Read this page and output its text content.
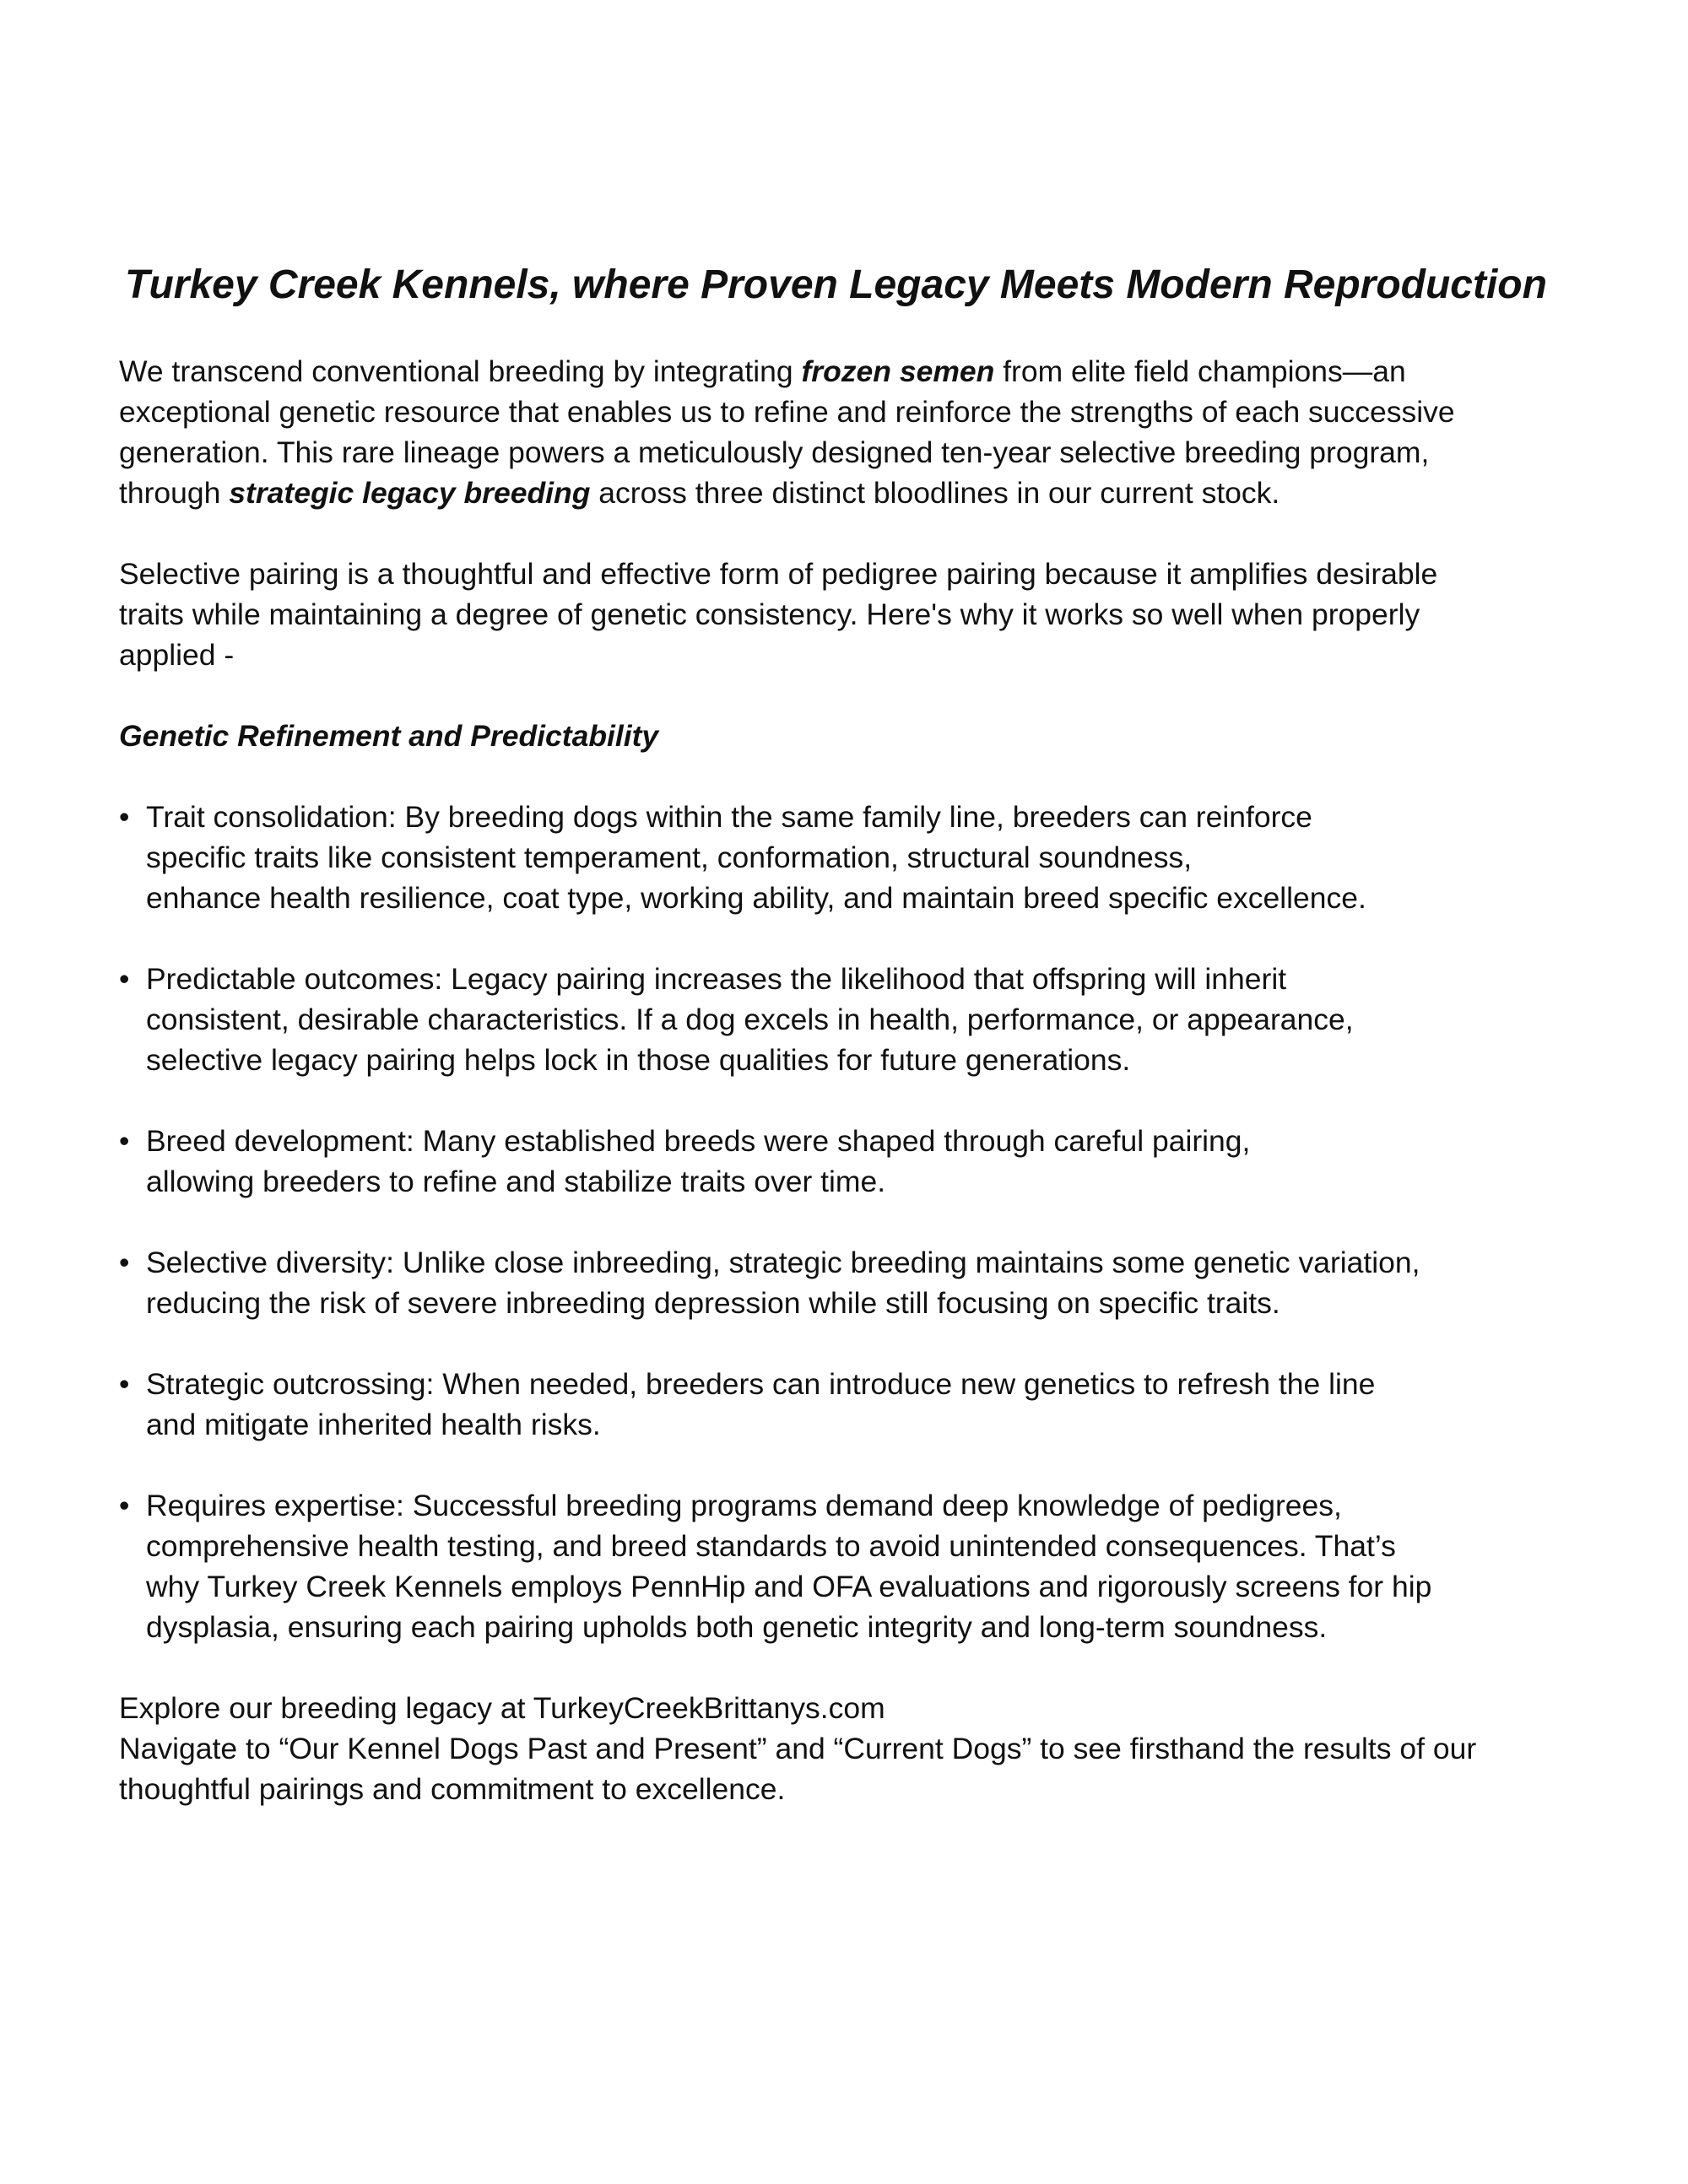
Turkey Creek Kennels, where Proven Legacy Meets Modern Reproduction

We transcend conventional breeding by integrating frozen semen from elite field champions—an
exceptional genetic resource that enables us to refine and reinforce the strengths of each successive
generation. This rare lineage powers a meticulously designed ten-year selective breeding program,
through strategic legacy breeding across three distinct bloodlines in our current stock.

Selective pairing is a thoughtful and effective form of pedigree pairing because it amplifies desirable
traits while maintaining a degree of genetic consistency. Here's why it works so well when properly
applied -

Genetic Refinement and Predictability

• Trait consolidation: By breeding dogs within the same family line, breeders can reinforce
specific traits like consistent temperament, conformation, structural soundness,
enhance health resilience, coat type, working ability, and maintain breed specific excellence.
• Predictable outcomes: Legacy pairing increases the likelihood that offspring will inherit
consistent, desirable characteristics. If a dog excels in health, performance, or appearance,
selective legacy pairing helps lock in those qualities for future generations.
• Breed development: Many established breeds were shaped through careful pairing,
allowing breeders to refine and stabilize traits over time.
• Selective diversity: Unlike close inbreeding, strategic breeding maintains some genetic variation,
reducing the risk of severe inbreeding depression while still focusing on specific traits.
• Strategic outcrossing: When needed, breeders can introduce new genetics to refresh the line
and mitigate inherited health risks.
• Requires expertise: Successful breeding programs demand deep knowledge of pedigrees,
comprehensive health testing, and breed standards to avoid unintended consequences. That’s
why Turkey Creek Kennels employs PennHip and OFA evaluations and rigorously screens for hip
dysplasia, ensuring each pairing upholds both genetic integrity and long-term soundness.

Explore our breeding legacy at TurkeyCreekBrittanys.com
Navigate to “Our Kennel Dogs Past and Present” and “Current Dogs” to see firsthand the results of our
thoughtful pairings and commitment to excellence.
